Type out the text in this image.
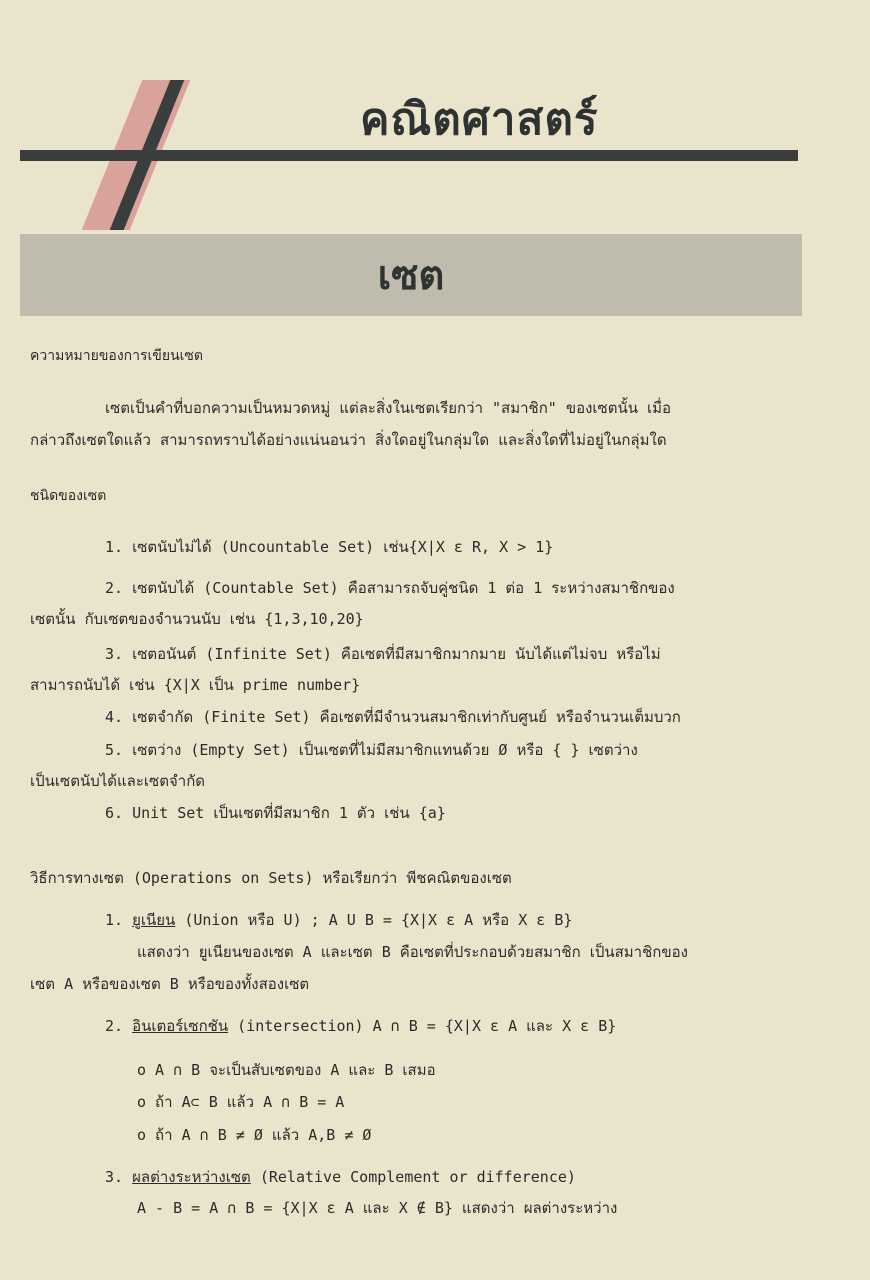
คณิตศาสตร์
เซต
ความหมายของการเขียนเซต
เซตเป็นคำที่บอกความเป็นหมวดหมู่ แต่ละสิ่งในเซตเรียกว่า "สมาชิก" ของเซตนั้น เมื่อ
กล่าวถึงเซตใดแล้ว สามารถทราบได้อย่างแน่นอนว่า สิ่งใดอยู่ในกลุ่มใด และสิ่งใดที่ไม่อยู่ในกลุ่มใด
ชนิดของเซต
1. เซตนับไม่ได้ (Uncountable Set) เช่น{X|X ε R, X > 1}
2. เซตนับได้ (Countable Set) คือสามารถจับคู่ชนิด 1 ต่อ 1 ระหว่างสมาชิกของ
เซตนั้น กับเซตของจำนวนนับ เช่น {1,3,10,20}
3. เซตอนันต์ (Infinite Set) คือเซตที่มีสมาชิกมากมาย นับได้แต่ไม่จบ หรือไม่
สามารถนับได้ เช่น {X|X เป็น prime number}
4. เซตจำกัด (Finite Set) คือเซตที่มีจำนวนสมาชิกเท่ากับศูนย์ หรือจำนวนเต็มบวก
5. เซตว่าง (Empty Set) เป็นเซตที่ไม่มีสมาชิกแทนด้วย Ø หรือ { } เซตว่าง
เป็นเซตนับได้และเซตจำกัด
6. Unit Set เป็นเซตที่มีสมาชิก 1 ตัว เช่น {a}
วิธีการทางเซต (Operations on Sets) หรือเรียกว่า พีชคณิตของเซต
1. ยูเนียน (Union หรือ U) ; A U B = {X|X ε A หรือ X ε B}
แสดงว่า ยูเนียนของเซต A และเซต B คือเซตที่ประกอบด้วยสมาชิก เป็นสมาชิกของ
เซต A หรือของเซต B หรือของทั้งสองเซต
2. อินเตอร์เซกชัน (intersection) A ∩ B = {X|X ε A และ X ε B}
o A ∩ B จะเป็นสับเซตของ A และ B เสมอ
o ถ้า A⊂ B แล้ว A ∩ B = A
o ถ้า A ∩ B ≠ Ø แล้ว A,B ≠ Ø
3. ผลต่างระหว่างเซต (Relative Complement or difference)
A - B = A ∩ B = {X|X ε A และ X ∉ B} แสดงว่า ผลต่างระหว่าง
